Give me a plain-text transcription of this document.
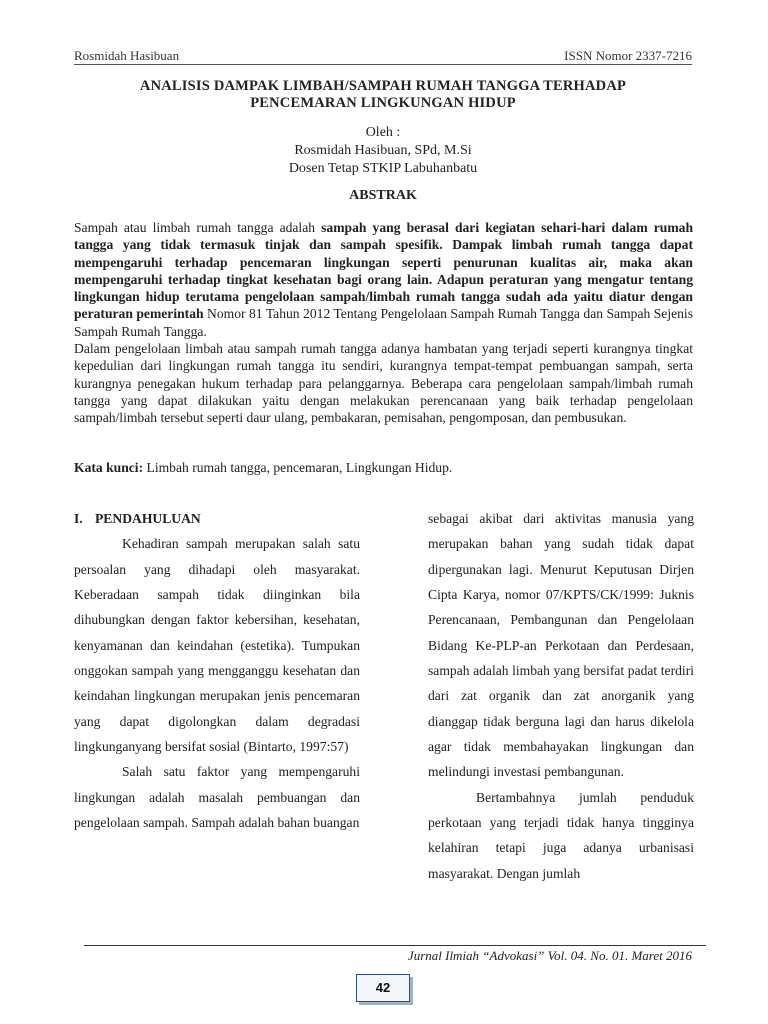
Rosmidah Hasibuan	ISSN Nomor 2337-7216
ANALISIS DAMPAK LIMBAH/SAMPAH RUMAH TANGGA TERHADAP
PENCEMARAN LINGKUNGAN HIDUP
Oleh :
Rosmidah Hasibuan, SPd, M.Si
Dosen Tetap STKIP Labuhanbatu
ABSTRAK

Sampah atau limbah rumah tangga adalah sampah yang berasal dari kegiatan sehari-hari dalam rumah tangga yang tidak termasuk tinjak dan sampah spesifik. Dampak limbah rumah tangga dapat mempengaruhi terhadap pencemaran lingkungan seperti penurunan kualitas air, maka akan mempengaruhi terhadap tingkat kesehatan bagi orang lain. Adapun peraturan yang mengatur tentang lingkungan hidup terutama pengelolaan sampah/limbah rumah tangga sudah ada yaitu diatur dengan peraturan pemerintah Nomor 81 Tahun 2012 Tentang Pengelolaan Sampah Rumah Tangga dan Sampah Sejenis Sampah Rumah Tangga.

Dalam pengelolaan limbah atau sampah rumah tangga adanya hambatan yang terjadi seperti kurangnya tingkat kepedulian dari lingkungan rumah tangga itu sendiri, kurangnya tempat-tempat pembuangan sampah, serta kurangnya penegakan hukum terhadap para pelanggarnya. Beberapa cara pengelolaan sampah/limbah rumah tangga yang dapat dilakukan yaitu dengan melakukan perencanaan yang baik terhadap pengelolaan sampah/limbah tersebut seperti daur ulang, pembakaran, pemisahan, pengomposan, dan pembusukan.

Kata kunci: Limbah rumah tangga, pencemaran, Lingkungan Hidup.

I. PENDAHULUAN

Kehadiran sampah merupakan salah satu persoalan yang dihadapi oleh masyarakat. Keberadaan sampah tidak diinginkan bila dihubungkan dengan faktor kebersihan, kesehatan, kenyamanan dan keindahan (estetika). Tumpukan onggokan sampah yang mengganggu kesehatan dan keindahan lingkungan merupakan jenis pencemaran yang dapat digolongkan dalam degradasi lingkunganyang bersifat sosial (Bintarto, 1997:57)

Salah satu faktor yang mempengaruhi lingkungan adalah masalah pembuangan dan pengelolaan sampah. Sampah adalah bahan buangan

sebagai akibat dari aktivitas manusia yang merupakan bahan yang sudah tidak dapat dipergunakan lagi. Menurut Keputusan Dirjen Cipta Karya, nomor 07/KPTS/CK/1999: Juknis Perencanaan, Pembangunan dan Pengelolaan Bidang Ke-PLP-an Perkotaan dan Perdesaan, sampah adalah limbah yang bersifat padat terdiri dari zat organik dan zat anorganik yang dianggap tidak berguna lagi dan harus dikelola agar tidak membahayakan lingkungan dan melindungi investasi pembangunan.

Bertambahnya jumlah penduduk perkotaan yang terjadi tidak hanya tingginya kelahiran tetapi juga adanya urbanisasi masyarakat. Dengan jumlah

Jurnal Ilmiah “Advokasi” Vol. 04. No. 01. Maret 2016
42
